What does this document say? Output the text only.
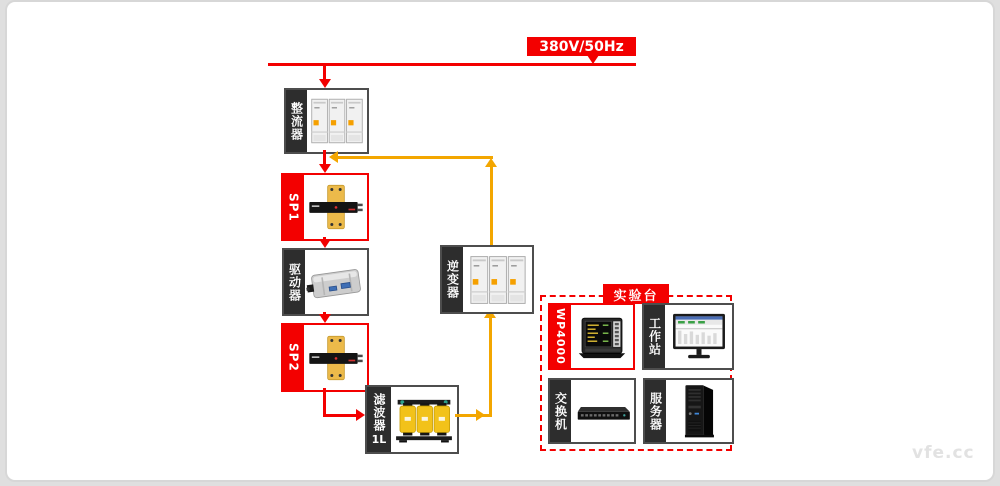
380V/50Hz
整流器
SP1
驱动器
SP2
滤波器
1L
逆变器	实验台
WP4000	工作站
交换机	服务器
vfe.cc
